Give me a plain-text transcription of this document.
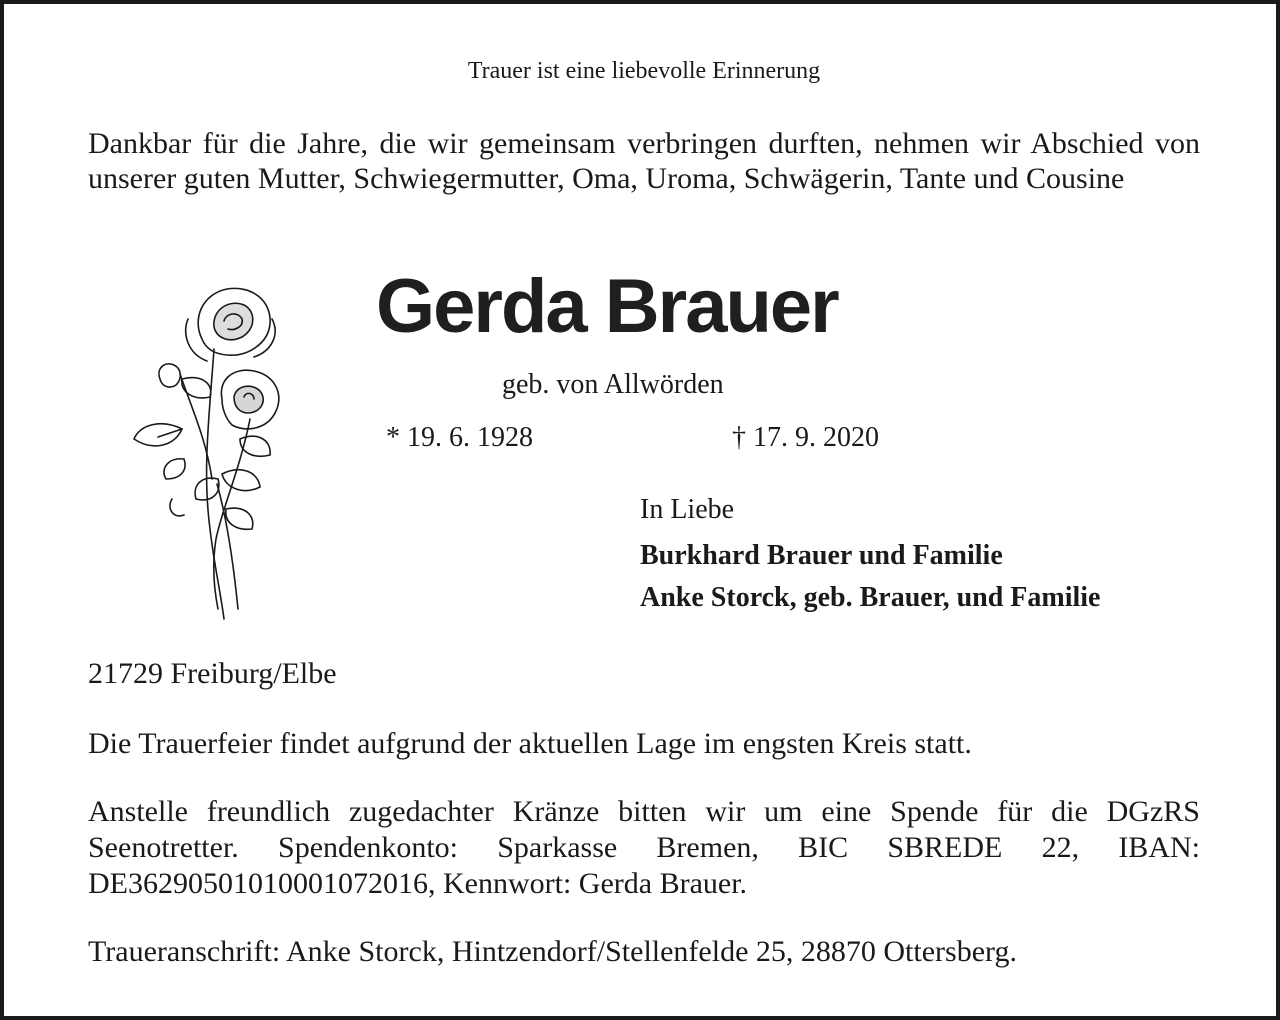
Trauer ist eine liebevolle Erinnerung
Dankbar für die Jahre, die wir gemeinsam verbringen durften, nehmen wir Abschied von unserer guten Mutter, Schwiegermutter, Oma, Uroma, Schwägerin, Tante und Cousine
Gerda Brauer
geb. von Allwörden
* 19. 6. 1928	† 17. 9. 2020
In Liebe
Burkhard Brauer und Familie
Anke Storck, geb. Brauer, und Familie
21729 Freiburg/Elbe
Die Trauerfeier findet aufgrund der aktuellen Lage im engsten Kreis statt.
Anstelle freundlich zugedachter Kränze bitten wir um eine Spende für die DGzRS Seenotretter. Spendenkonto: Sparkasse Bremen, BIC SBREDE 22, IBAN: DE36290501010001072016, Kennwort: Gerda Brauer.
Traueranschrift: Anke Storck, Hintzendorf/Stellenfelde 25, 28870 Ottersberg.
